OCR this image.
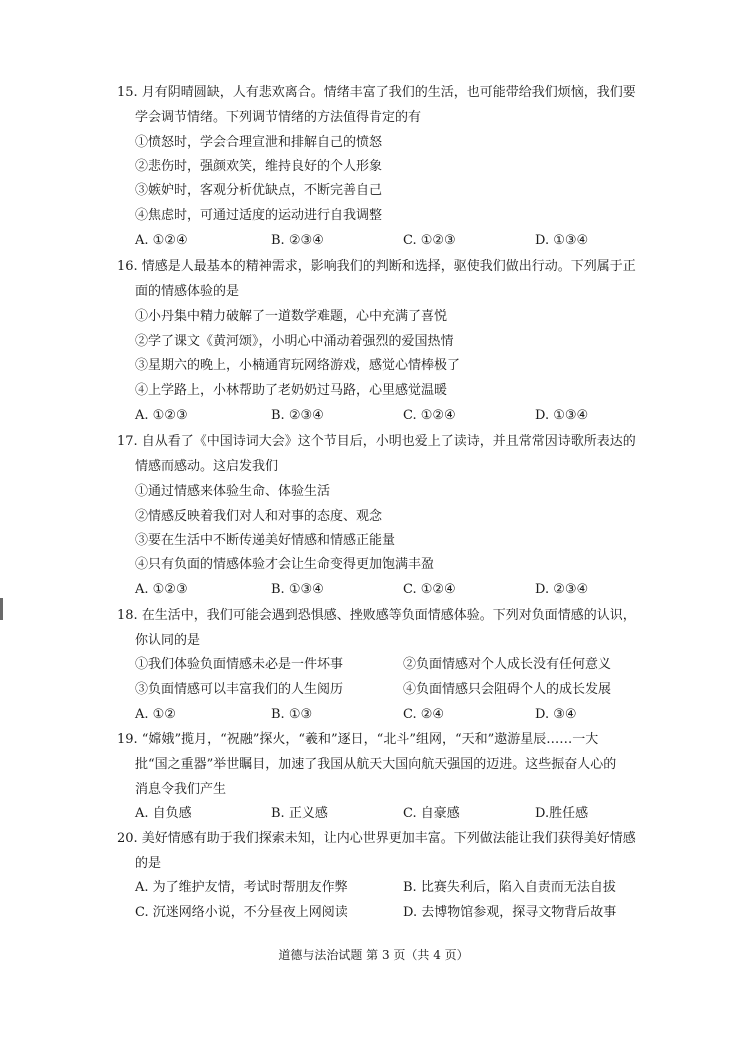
15. 月有阴晴圆缺，人有悲欢离合。情绪丰富了我们的生活，也可能带给我们烦恼，我们要
学会调节情绪。下列调节情绪的方法值得肯定的有
①愤怒时，学会合理宣泄和排解自己的愤怒
②悲伤时，强颜欢笑，维持良好的个人形象
③嫉妒时，客观分析优缺点，不断完善自己
④焦虑时，可通过适度的运动进行自我调整
A. ①②④	B. ②③④	C. ①②③	D. ①③④
16. 情感是人最基本的精神需求，影响我们的判断和选择，驱使我们做出行动。下列属于正
面的情感体验的是
①小丹集中精力破解了一道数学难题，心中充满了喜悦
②学了课文《黄河颂》，小明心中涌动着强烈的爱国热情
③星期六的晚上，小楠通宵玩网络游戏，感觉心情棒极了
④上学路上，小林帮助了老奶奶过马路，心里感觉温暖
A. ①②③	B. ②③④	C. ①②④	D. ①③④
17. 自从看了《中国诗词大会》这个节目后，小明也爱上了读诗，并且常常因诗歌所表达的
情感而感动。这启发我们
①通过情感来体验生命、体验生活
②情感反映着我们对人和对事的态度、观念
③要在生活中不断传递美好情感和情感正能量
④只有负面的情感体验才会让生命变得更加饱满丰盈
A. ①②③	B. ①③④	C. ①②④	D. ②③④
18. 在生活中，我们可能会遇到恐惧感、挫败感等负面情感体验。下列对负面情感的认识，
你认同的是
①我们体验负面情感未必是一件坏事	②负面情感对个人成长没有任何意义
③负面情感可以丰富我们的人生阅历	④负面情感只会阻碍个人的成长发展
A. ①②	B. ①③	C. ②④	D. ③④
19. “嫦娥”揽月，“祝融”探火，“羲和”逐日，“北斗”组网，“天和”遨游星辰……一大
批“国之重器”举世瞩目，加速了我国从航天大国向航天强国的迈进。这些振奋人心的
消息令我们产生
A. 自负感	B. 正义感	C. 自豪感	D.胜任感
20. 美好情感有助于我们探索未知，让内心世界更加丰富。下列做法能让我们获得美好情感
的是
A. 为了维护友情，考试时帮朋友作弊	B. 比赛失利后，陷入自责而无法自拔
C. 沉迷网络小说，不分昼夜上网阅读	D. 去博物馆参观，探寻文物背后故事
道德与法治试题 第 3 页（共 4 页）
